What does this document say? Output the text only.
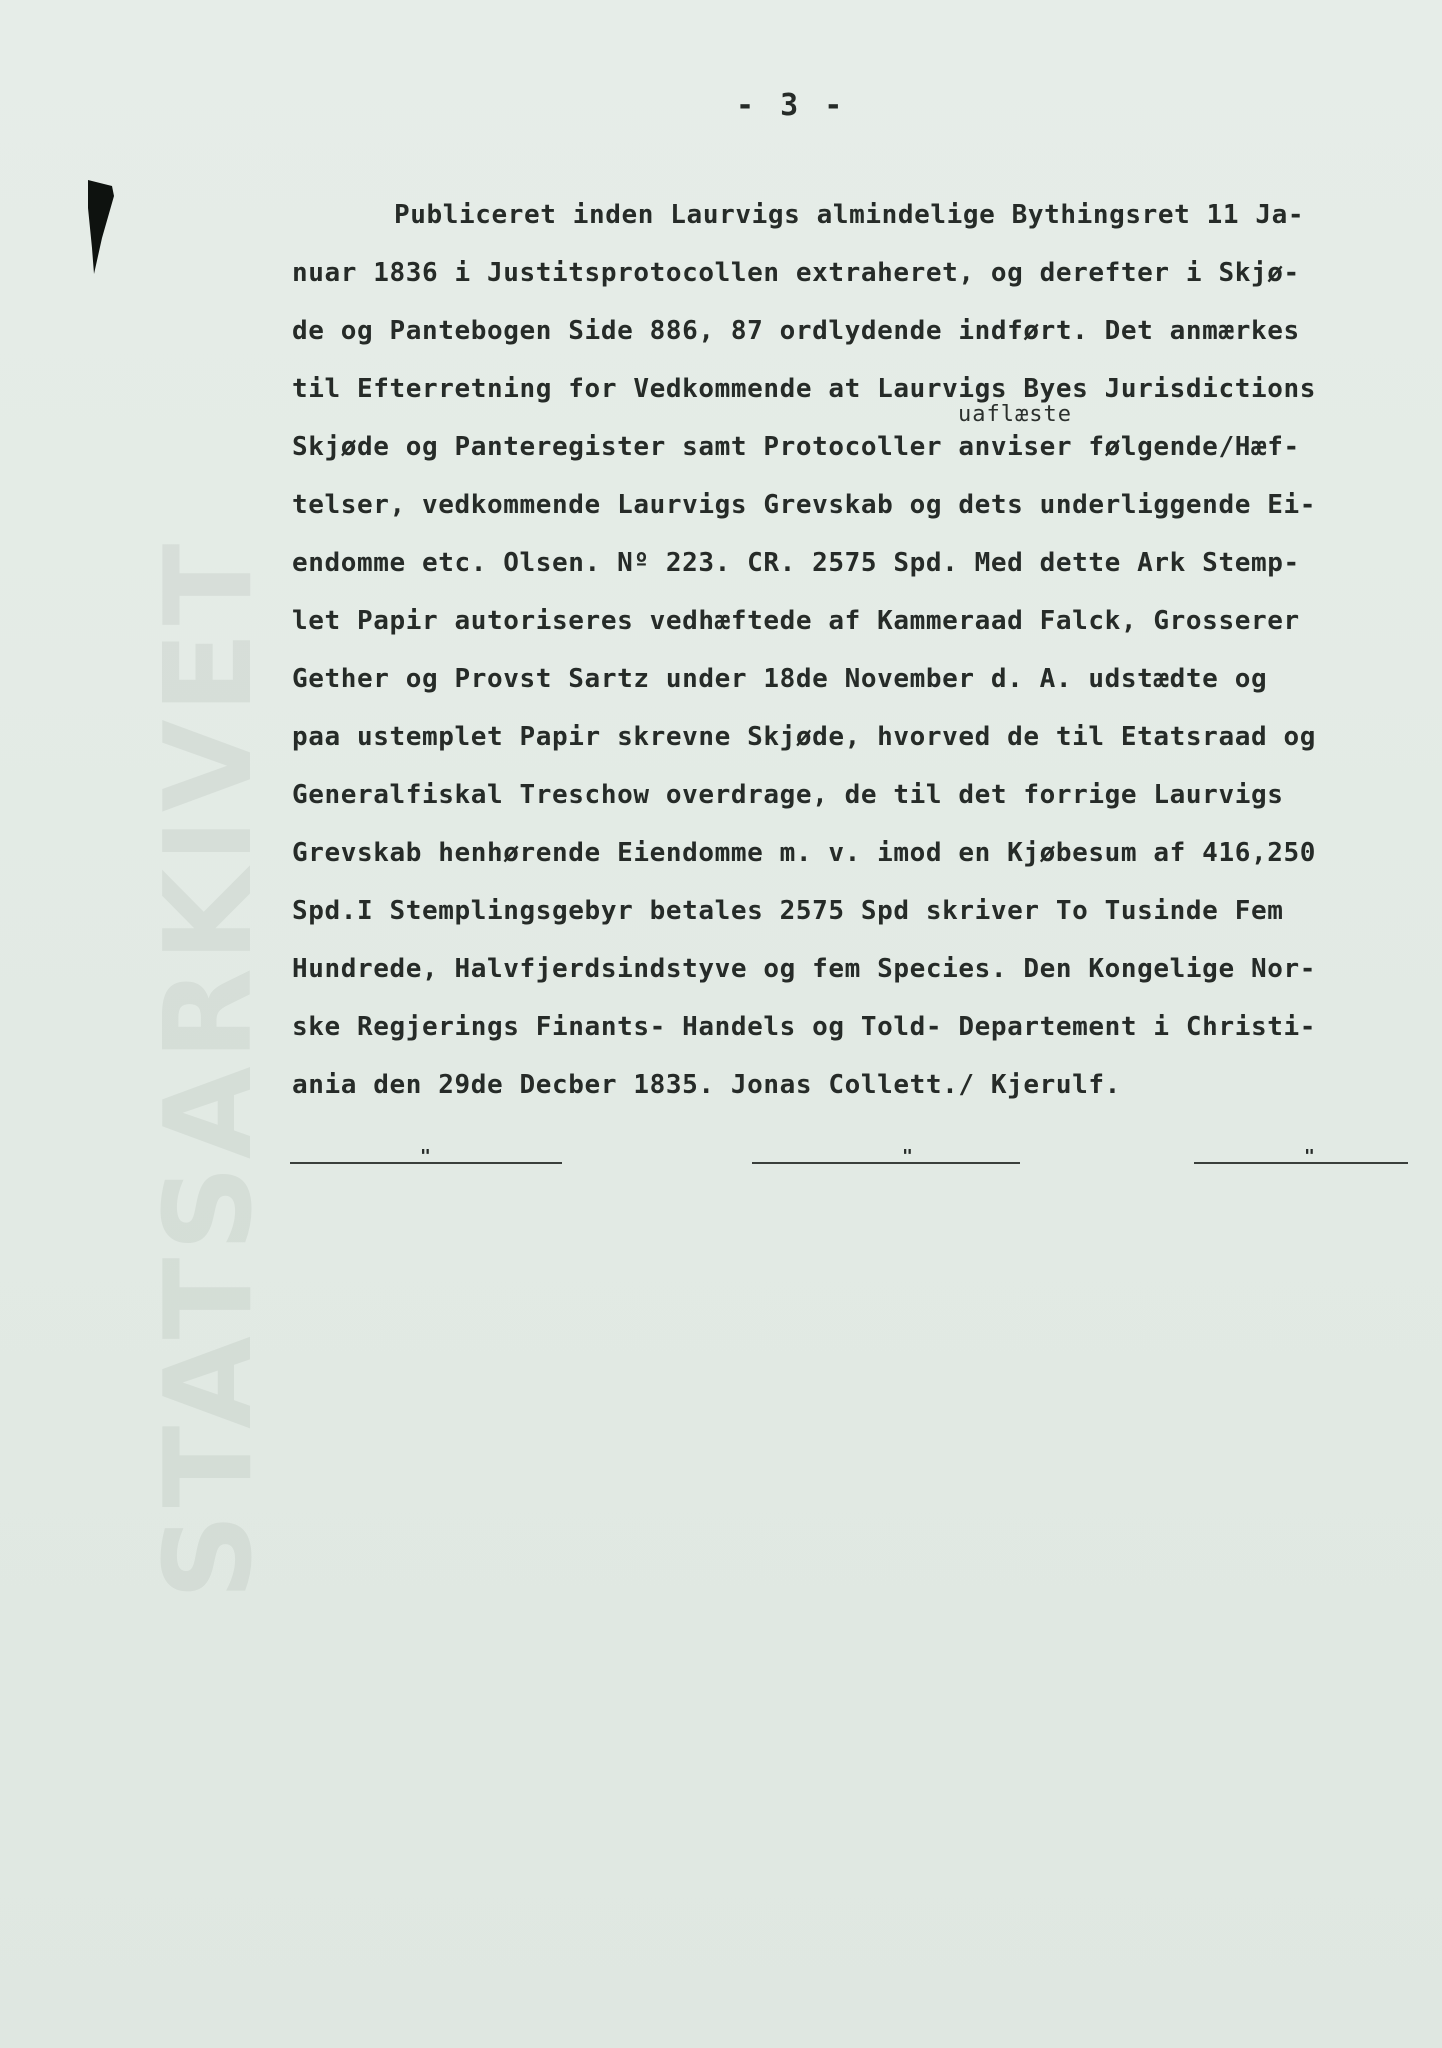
STATSARKIVET
- 3 -
Publiceret inden Laurvigs almindelige Bythingsret 11 Ja-
nuar 1836 i Justitsprotocollen extraheret, og derefter i Skjø-
de og Pantebogen Side 886, 87 ordlydende indført. Det anmærkes
til Efterretning for Vedkommende at Laurvigs Byes Jurisdictions
Skjøde og Panteregister samt Protocoller anviser følgende/Hæf-
telser, vedkommende Laurvigs Grevskab og dets underliggende Ei-
endomme etc. Olsen. Nº 223. CR. 2575 Spd. Med dette Ark Stemp-
let Papir autoriseres vedhæftede af Kammeraad Falck, Grosserer
Gether og Provst Sartz under 18de November d. A. udstædte og
paa ustemplet Papir skrevne Skjøde, hvorved de til Etatsraad og
Generalfiskal Treschow overdrage, de til det forrige Laurvigs
Grevskab henhørende Eiendomme m. v. imod en Kjøbesum af 416,250
Spd.I Stemplingsgebyr betales 2575 Spd skriver To Tusinde Fem
Hundrede, Halvfjerdsindstyve og fem Species. Den Kongelige Nor-
ske Regjerings Finants- Handels og Told- Departement i Christi-
ania den 29de Decber 1835. Jonas Collett./ Kjerulf.
uaflæste
"	"	"
